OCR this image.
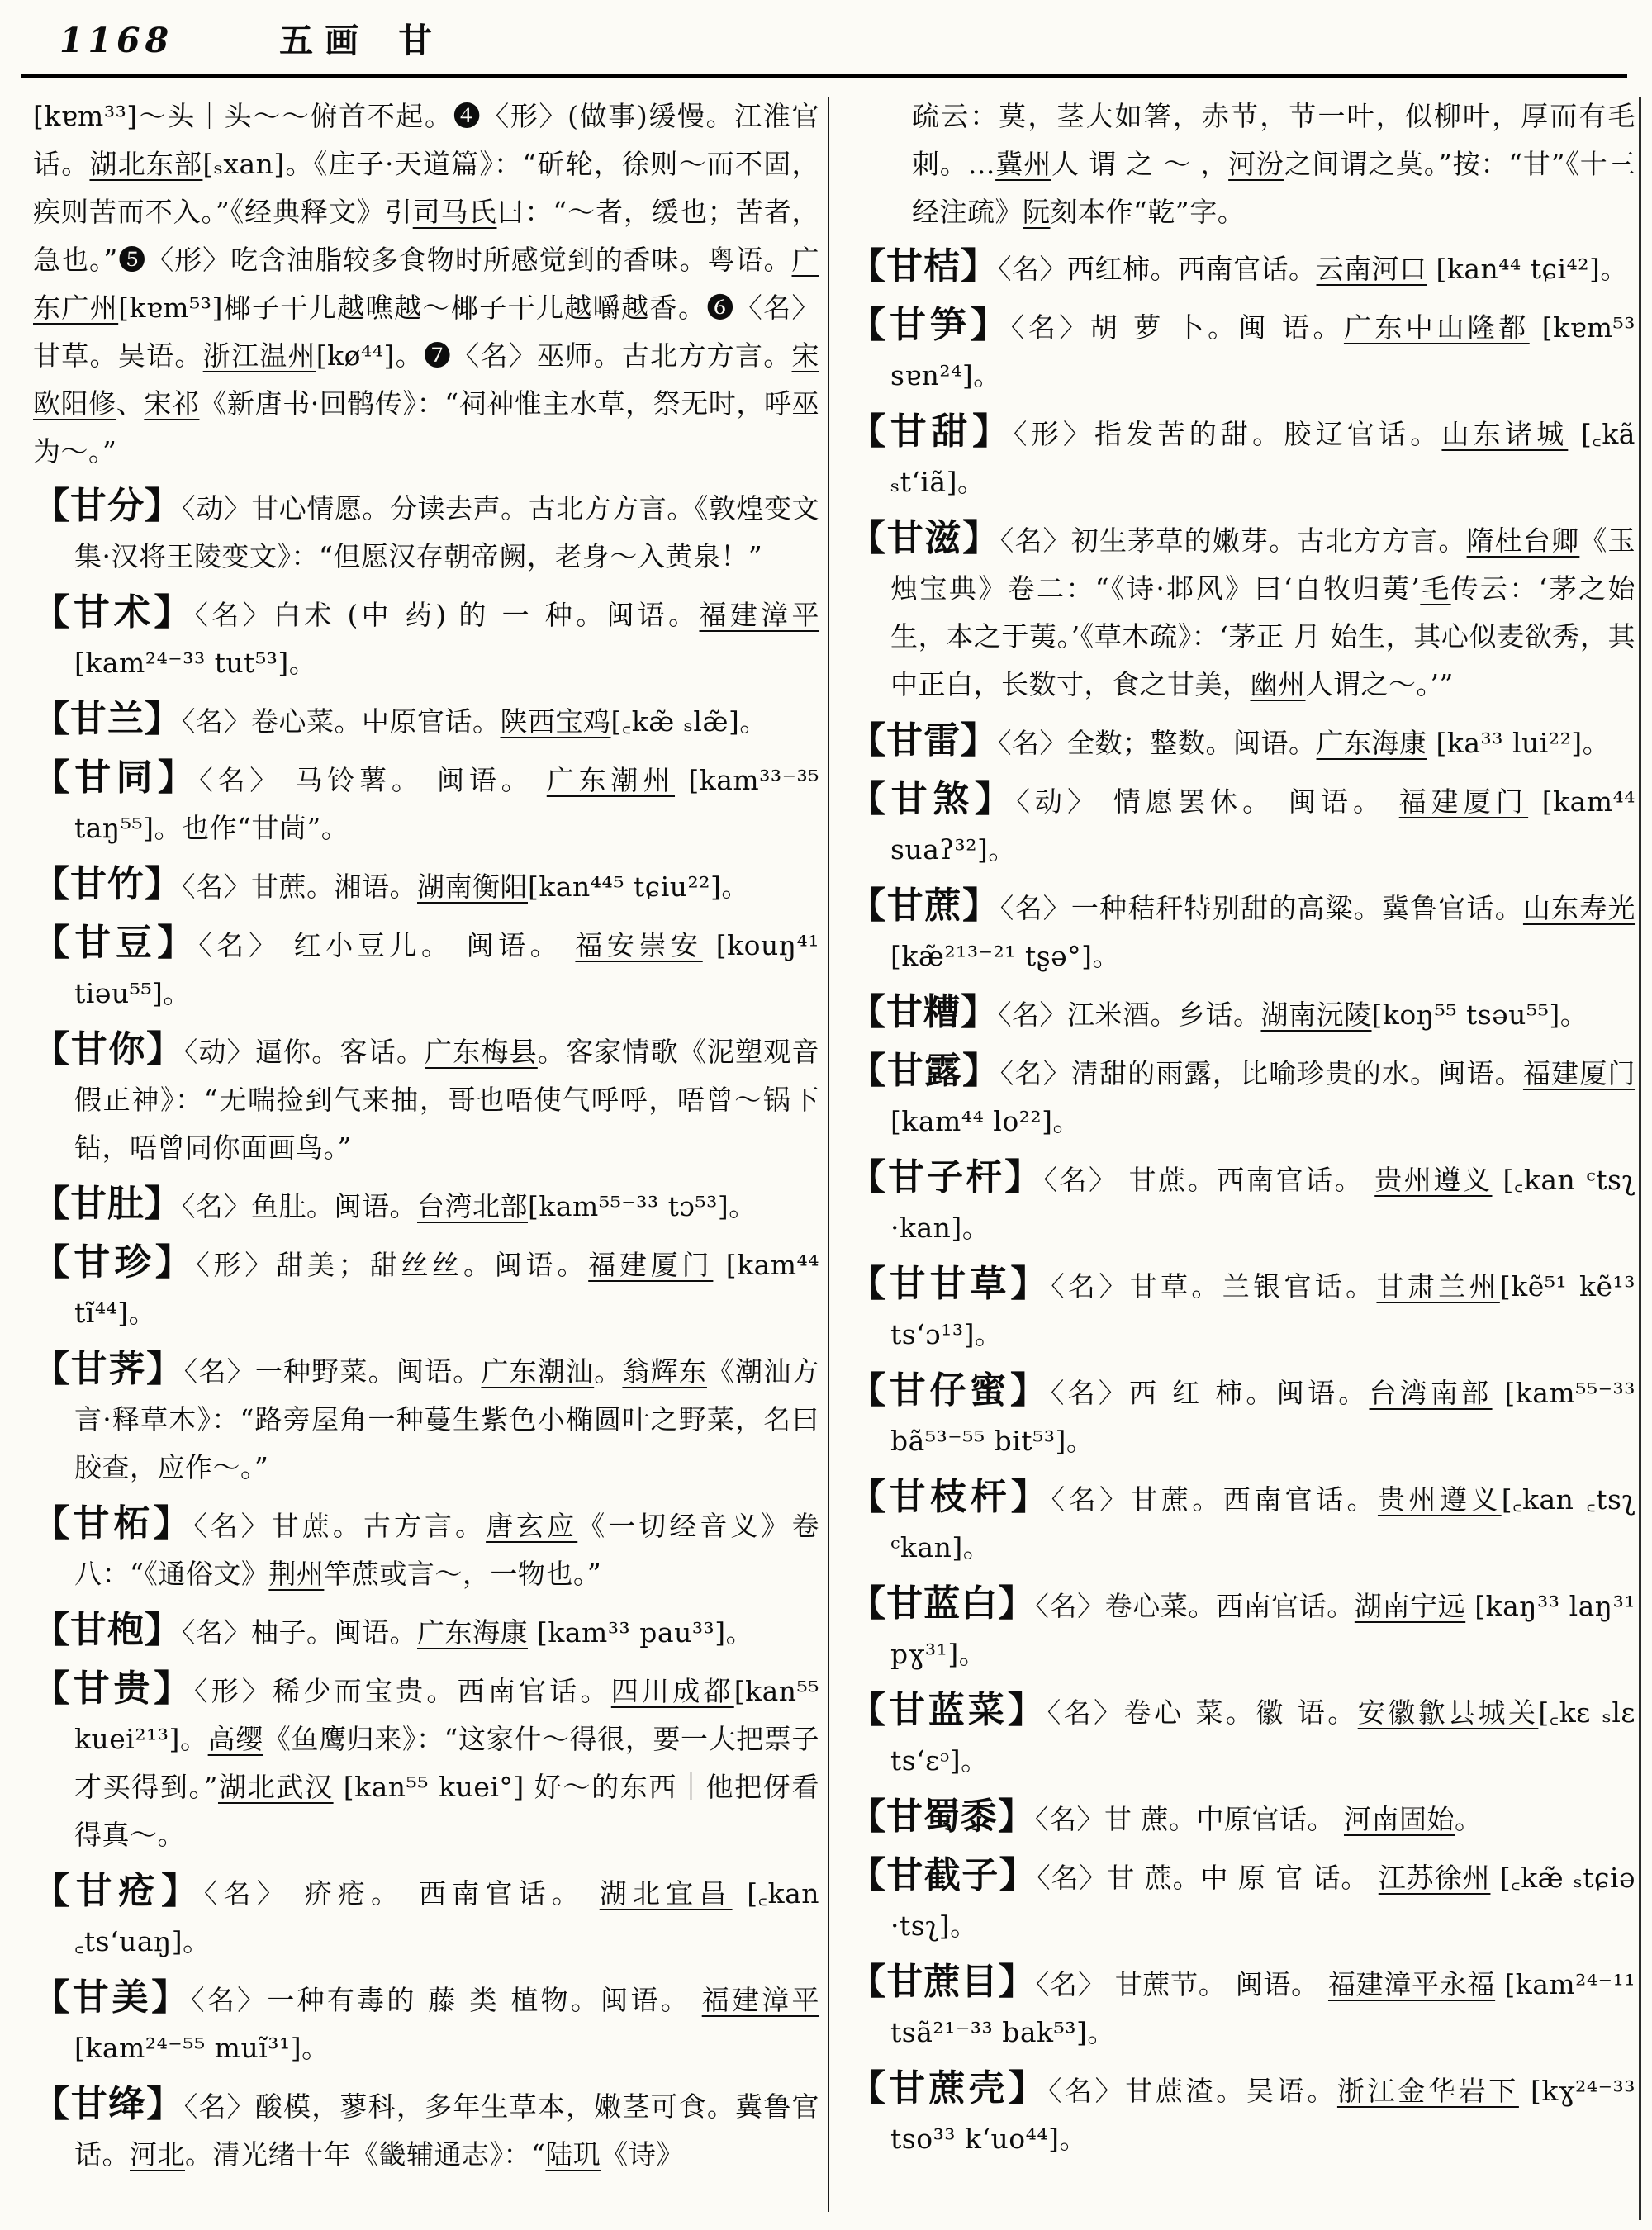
1168	五画 甘

[kɐm³³]～头｜头～～俯首不起。❹〈形〉(做事)缓慢。江淮官话。湖北东部[ₛxan]。《庄子·天道篇》：“斫轮，徐则～而不固，疾则苦而不入。”《经典释文》引司马氏曰：“～者，缓也；苦者，急也。”❺〈形〉吃含油脂较多食物时所感觉到的香味。粤语。广东广州[kɐm⁵³]椰子干儿越噍越～椰子干儿越嚼越香。❻〈名〉甘草。吴语。浙江温州[kø⁴⁴]。❼〈名〉巫师。古北方方言。宋欧阳修、宋祁《新唐书·回鹘传》：“祠神惟主水草，祭无时，呼巫为～。”

【甘分】〈动〉甘心情愿。分读去声。古北方方言。《敦煌变文集·汉将王陵变文》：“但愿汉存朝帝阙，老身～入黄泉！”
【甘术】〈名〉白术 (中 药) 的 一 种。闽语。福建漳平 [kam²⁴⁻³³ tut⁵³]。
【甘兰】〈名〉卷心菜。中原官话。陕西宝鸡[꜀kæ̃ ₛlæ̃]。
【甘同】〈名〉 马铃薯。 闽语。 广东潮州 [kam³³⁻³⁵ taŋ⁵⁵]。也作“甘茼”。
【甘竹】〈名〉甘蔗。湘语。湖南衡阳[kan⁴⁴⁵ tɕiu²²]。
【甘豆】〈名〉 红小豆儿。 闽语。 福安崇安 [kouŋ⁴¹ tiəu⁵⁵]。
【甘你】〈动〉逼你。客话。广东梅县。客家情歌《泥塑观音假正神》：“无喘捡到气来抽，哥也唔使气呼呼，唔曾～锅下钻，唔曾同你面画鸟。”
【甘肚】〈名〉鱼肚。闽语。台湾北部[kam⁵⁵⁻³³ tɔ⁵³]。
【甘珍】〈形〉甜美；甜丝丝。闽语。福建厦门 [kam⁴⁴ tĩ⁴⁴]。
【甘荠】〈名〉一种野菜。闽语。广东潮汕。翁辉东《潮汕方言·释草木》：“路旁屋角一种蔓生紫色小椭圆叶之野菜，名曰胶查，应作～。”
【甘柘】〈名〉甘蔗。古方言。唐玄应《一切经音义》卷八：“《通俗文》荆州竿蔗或言～，一物也。”
【甘枹】〈名〉柚子。闽语。广东海康 [kam³³ pau³³]。
【甘贵】〈形〉稀少而宝贵。西南官话。四川成都[kan⁵⁵ kuei²¹³]。高缨《鱼鹰归来》：“这家什～得很，要一大把票子才买得到。”湖北武汉 [kan⁵⁵ kuei°] 好～的东西｜他把伢看得真～。
【甘疮】〈名〉 疥疮。 西南官话。 湖北宜昌 [꜀kan ꜀ts‘uaŋ]。
【甘美】〈名〉一种有毒的 藤 类 植物。闽语。 福建漳平 [kam²⁴⁻⁵⁵ muĩ³¹]。
【甘绛】〈名〉酸模，蓼科，多年生草本，嫩茎可食。冀鲁官话。河北。清光绪十年《畿辅通志》：“陆玑《诗》

疏云：莫，茎大如箸，赤节，节一叶，似柳叶，厚而有毛刺。…冀州人 谓 之 ～ ，河汾之间谓之莫。”按：“甘”《十三经注疏》阮刻本作“乾”字。

【甘桔】〈名〉西红柿。西南官话。云南河口 [kan⁴⁴ tɕi⁴²]。
【甘笋】〈名〉胡 萝 卜。闽 语。广东中山隆都 [kɐm⁵³ sɐn²⁴]。
【甘甜】〈形〉指发苦的甜。胶辽官话。山东诸城 [꜀kã ₛt‘iã]。
【甘滋】〈名〉初生茅草的嫩芽。古北方方言。隋杜台卿《玉烛宝典》卷二：“《诗·邶风》曰‘自牧归荑’毛传云：‘茅之始生，本之于荑。’《草木疏》：‘茅正 月 始生，其心似麦欲秀，其中正白，长数寸，食之甘美，幽州人谓之～。’”
【甘雷】〈名〉全数；整数。闽语。广东海康 [ka³³ lui²²]。
【甘煞】〈动〉 情愿罢休。 闽语。 福建厦门 [kam⁴⁴ suaʔ³²]。
【甘蔗】〈名〉一种秸秆特别甜的高粱。冀鲁官话。山东寿光 [kæ̃²¹³⁻²¹ tʂə°]。
【甘糟】〈名〉江米酒。乡话。湖南沅陵[koŋ⁵⁵ tsəu⁵⁵]。
【甘露】〈名〉清甜的雨露，比喻珍贵的水。闽语。福建厦门 [kam⁴⁴ lo²²]。
【甘子杆】〈名〉 甘蔗。西南官话。 贵州遵义 [꜀kan ᶜtsʅ ·kan]。
【甘甘草】〈名〉甘草。兰银官话。甘肃兰州[kẽ⁵¹ kẽ¹³ ts‘ɔ¹³]。
【甘仔蜜】〈名〉西 红 柿。闽语。台湾南部 [kam⁵⁵⁻³³ bã⁵³⁻⁵⁵ bit⁵³]。
【甘枝杆】〈名〉甘蔗。西南官话。贵州遵义[꜀kan ꜀tsʅ ᶜkan]。
【甘蓝白】〈名〉卷心菜。西南官话。湖南宁远 [kaŋ³³ laŋ³¹ pɣ³¹]。
【甘蓝菜】〈名〉卷心 菜。徽 语。安徽歙县城关[꜀kɛ ₛlɛ ts‘ɛᵓ]。
【甘蜀黍】〈名〉甘 蔗。中原官话。 河南固始。
【甘截子】〈名〉甘 蔗。中 原 官 话。 江苏徐州 [꜀kæ̃ ₛtɕiə ·tsʅ]。
【甘蔗目】〈名〉 甘蔗节。 闽语。 福建漳平永福 [kam²⁴⁻¹¹ tsã²¹⁻³³ bak⁵³]。
【甘蔗壳】〈名〉甘蔗渣。吴语。浙江金华岩下 [kɣ²⁴⁻³³ tso³³ k‘uo⁴⁴]。
